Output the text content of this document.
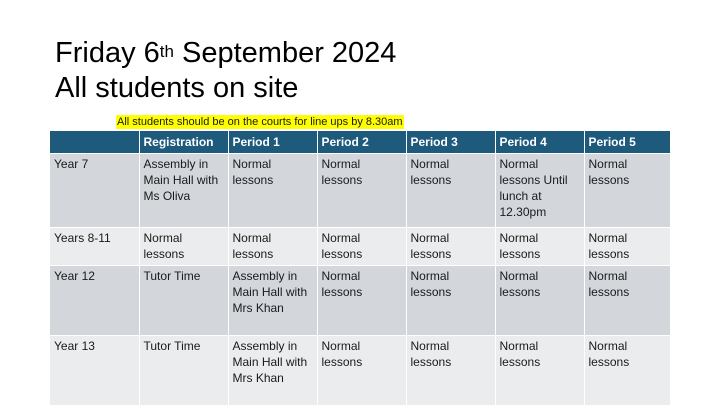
Friday 6th September 2024
All students on site
All students should be on the courts for line ups by 8.30am
	Registration	Period 1	Period 2	Period 3	Period 4	Period 5
Year 7	Assembly in Main Hall with Ms Oliva	Normal lessons	Normal lessons	Normal lessons	Normal lessons Until lunch at 12.30pm	Normal lessons
Years 8-11	Normal lessons	Normal lessons	Normal lessons	Normal lessons	Normal lessons	Normal lessons
Year 12	Tutor Time	Assembly in Main Hall with Mrs Khan	Normal lessons	Normal lessons	Normal lessons	Normal lessons
Year 13	Tutor Time	Assembly in Main Hall with Mrs Khan	Normal lessons	Normal lessons	Normal lessons	Normal lessons
